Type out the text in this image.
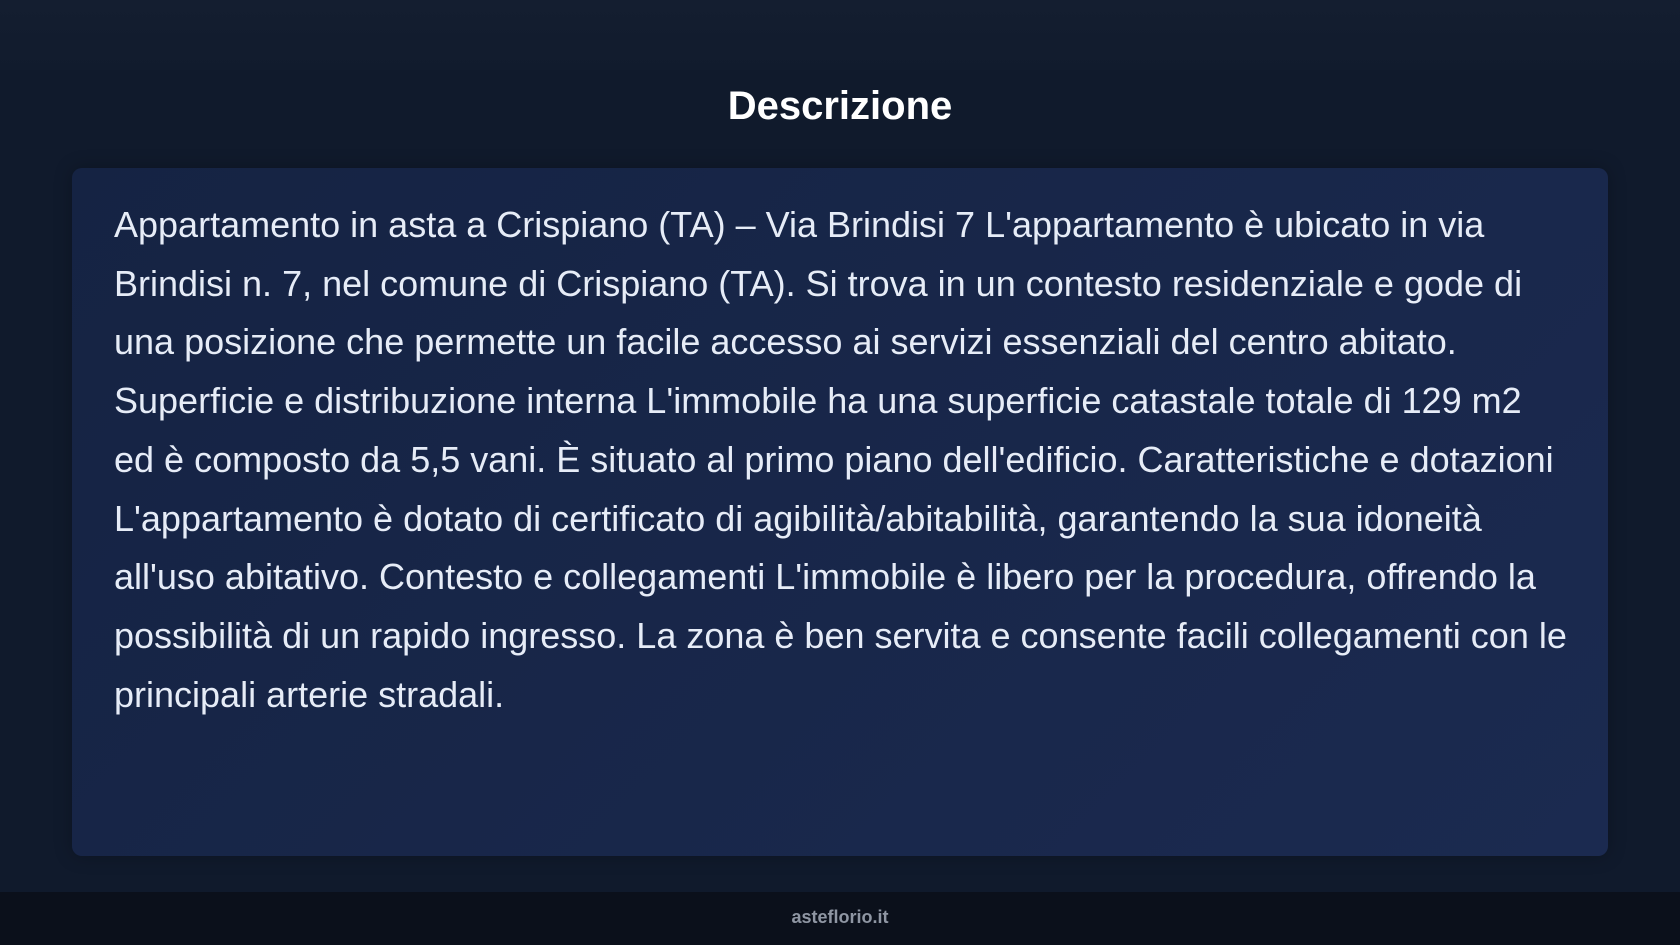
Descrizione

Appartamento in asta a Crispiano (TA) – Via Brindisi 7 L'appartamento è ubicato in via Brindisi n. 7, nel comune di Crispiano (TA). Si trova in un contesto residenziale e gode di una posizione che permette un facile accesso ai servizi essenziali del centro abitato. Superficie e distribuzione interna L'immobile ha una superficie catastale totale di 129 m2 ed è composto da 5,5 vani. È situato al primo piano dell'edificio. Caratteristiche e dotazioni L'appartamento è dotato di certificato di agibilità/abitabilità, garantendo la sua idoneità all'uso abitativo. Contesto e collegamenti L'immobile è libero per la procedura, offrendo la possibilità di un rapido ingresso. La zona è ben servita e consente facili collegamenti con le principali arterie stradali.

asteflorio.it
